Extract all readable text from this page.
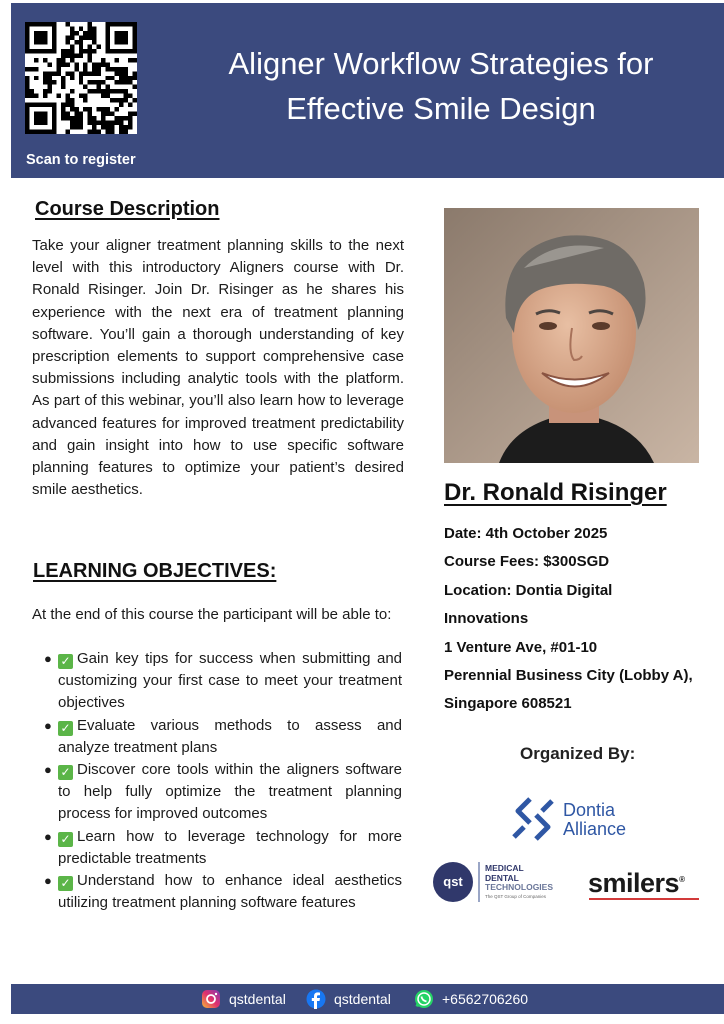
Scan to register
Aligner Workflow Strategies for Effective Smile Design
Course Description

Take your aligner treatment planning skills to the next level with this introductory Aligners course with Dr. Ronald Risinger. Join Dr. Risinger as he shares his experience with the next era of treatment planning software. You’ll gain a thorough understanding of key prescription elements to support comprehensive case submissions including analytic tools with the platform. As part of this webinar, you’ll also learn how to leverage advanced features for improved treatment predictability and gain insight into how to use specific software planning features to optimize your patient’s desired smile aesthetics.

LEARNING OBJECTIVES:

At the end of this course the participant will be able to:

● ✓ Gain key tips for success when submitting and customizing your first case to meet your treatment objectives
● ✓ Evaluate various methods to assess and analyze treatment plans
● ✓ Discover core tools within the aligners software to help fully optimize the treatment planning process for improved outcomes
● ✓ Learn how to leverage technology for more predictable treatments
● ✓ Understand how to enhance ideal aesthetics utilizing treatment planning software features
Dr. Ronald Risinger
Date: 4th October 2025
Course Fees: $300SGD
Location: Dontia Digital
Innovations
1 Venture Ave, #01-10
Perennial Business City (Lobby A),
Singapore 608521
Organized By:
Dontia
Alliance
qst
MEDICAL
DENTAL
TECHNOLOGIES
The QST Group of Companies smilers®
qstdental	qstdental	+6562706260
